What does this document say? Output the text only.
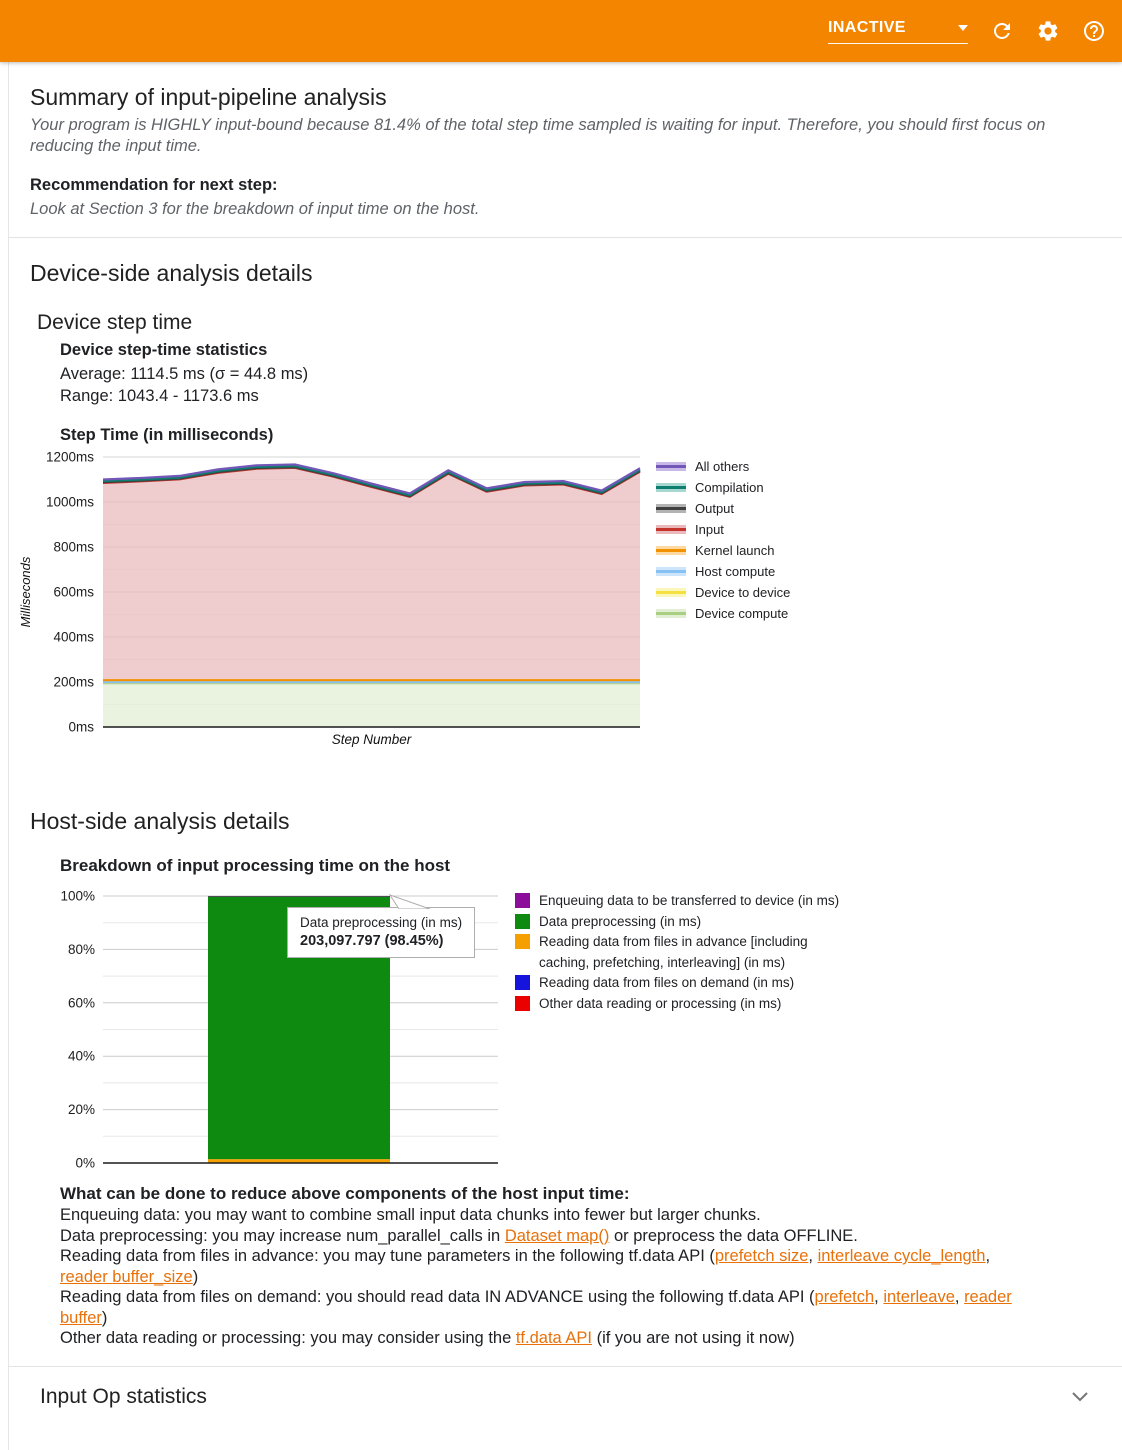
INACTIVE
Summary of input-pipeline analysis
Your program is HIGHLY input-bound because 81.4% of the total step time sampled is waiting for input. Therefore, you should first focus on reducing the input time.
Recommendation for next step:
Look at Section 3 for the breakdown of input time on the host.
Device-side analysis details
Device step time
Device step-time statistics
Average: 1114.5 ms (σ = 44.8 ms)
Range: 1043.4 - 1173.6 ms
Step Time (in milliseconds)
0ms
200ms
400ms
600ms
800ms
1000ms
1200ms
Step Number
Milliseconds
All others
Compilation
Output
Input
Kernel launch
Host compute
Device to device
Device compute
Host-side analysis details
Breakdown of input processing time on the host
0%
20%
40%
60%
80%
100%	Enqueuing data to be transferred to device (in ms)
Data preprocessing (in ms)
Reading data from files in advance [including
caching, prefetching, interleaving] (in ms)
Reading data from files on demand (in ms)
Other data reading or processing (in ms)
Data preprocessing (in ms)
203,097.797 (98.45%)
What can be done to reduce above components of the host input time:
Enqueuing data: you may want to combine small input data chunks into fewer but larger chunks.
Data preprocessing: you may increase num_parallel_calls in Dataset map() or preprocess the data OFFLINE.
Reading data from files in advance: you may tune parameters in the following tf.data API (prefetch size, interleave cycle_length,
reader buffer_size)
Reading data from files on demand: you should read data IN ADVANCE using the following tf.data API (prefetch, interleave, reader
buffer)
Other data reading or processing: you may consider using the tf.data API (if you are not using it now)
Input Op statistics
